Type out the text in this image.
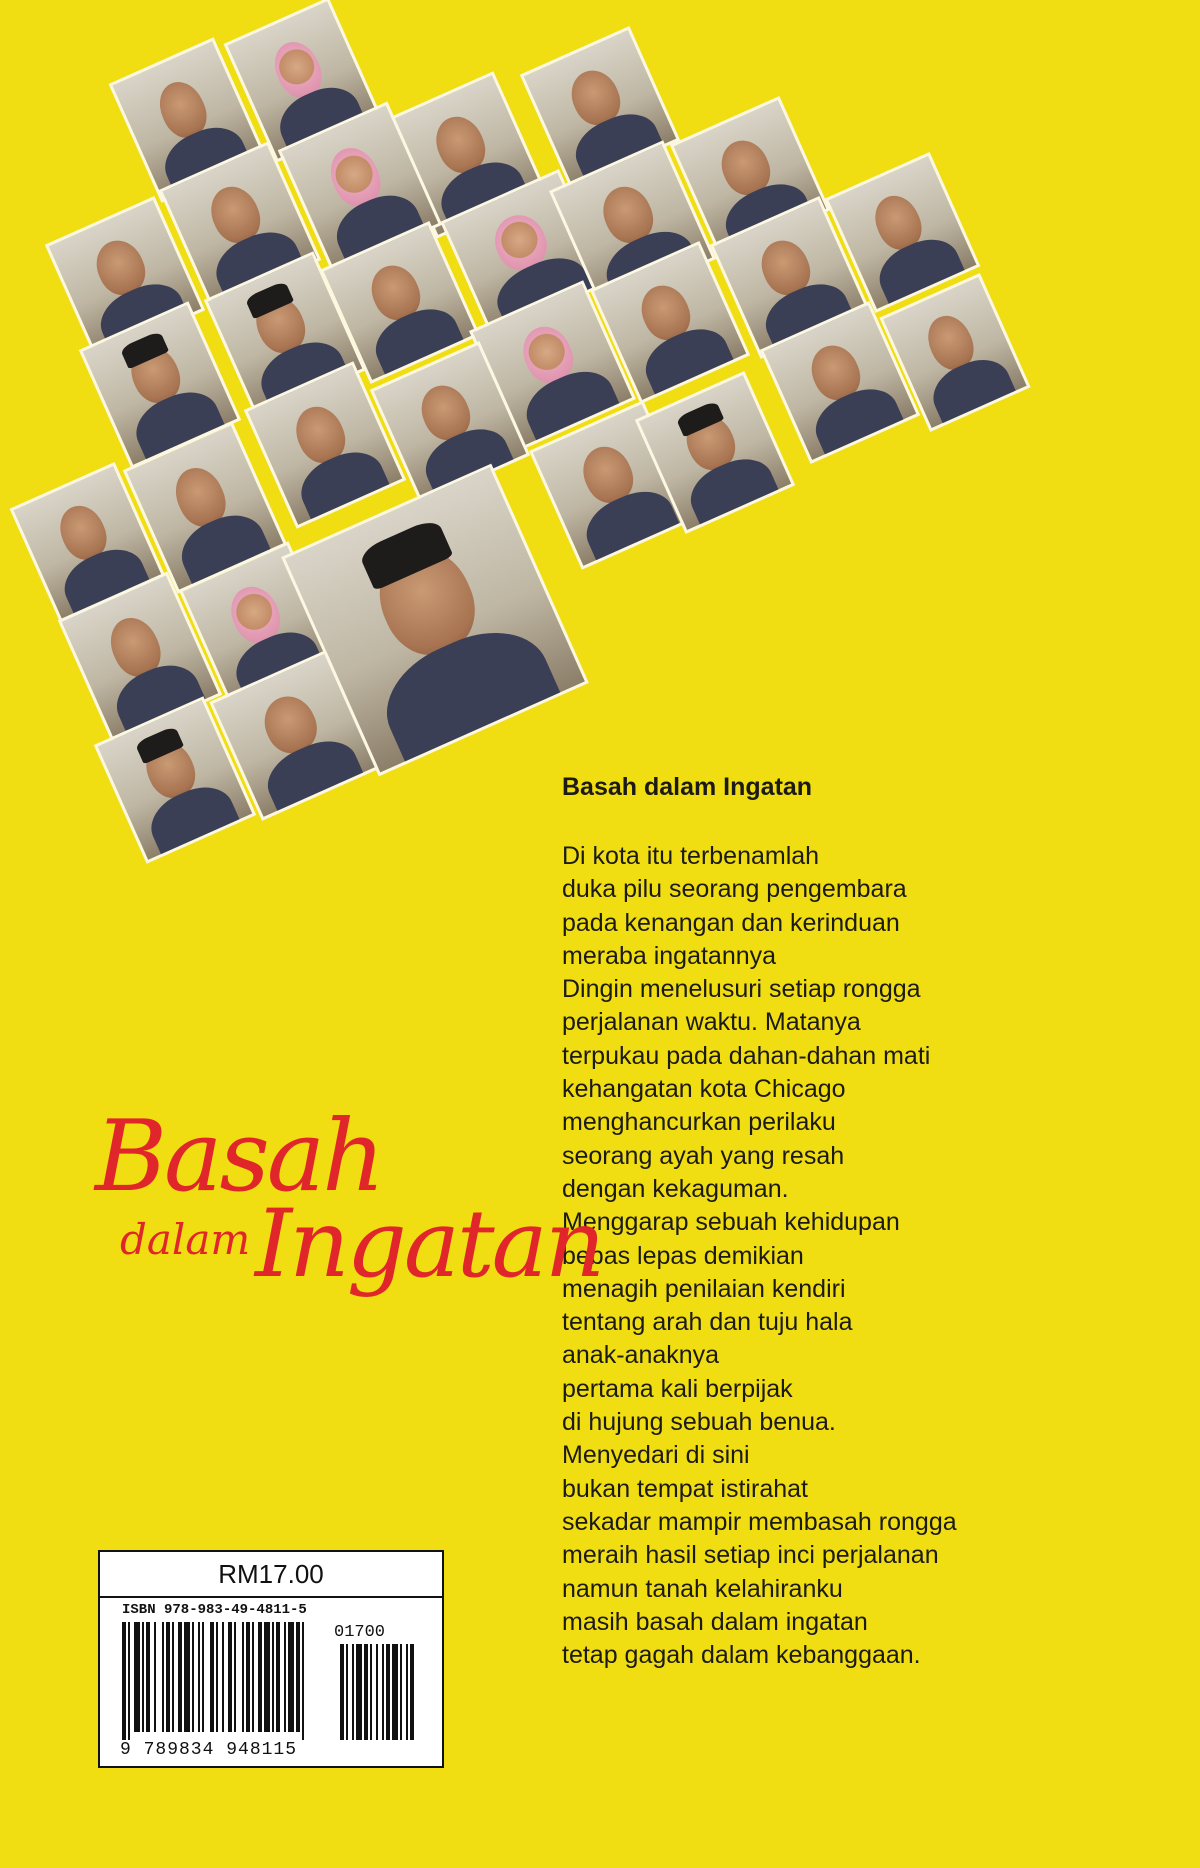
Basah dalam Ingatan
Di kota itu terbenamlah
duka pilu seorang pengembara
pada kenangan dan kerinduan
meraba ingatannya
Dingin menelusuri setiap rongga
perjalanan waktu. Matanya
terpukau pada dahan-dahan mati
kehangatan kota Chicago
menghancurkan perilaku
seorang ayah yang resah
dengan kekaguman.
Menggarap sebuah kehidupan
bebas lepas demikian
menagih penilaian kendiri
tentang arah dan tuju hala
anak-anaknya
pertama kali berpijak
di hujung sebuah benua.
Menyedari di sini
bukan tempat istirahat
sekadar mampir membasah rongga
meraih hasil setiap inci perjalanan
namun tanah kelahiranku
masih basah dalam ingatan
tetap gagah dalam kebanggaan.
Basah
dalam Ingatan
RM17.00
ISBN 978-983-49-4811-5
01700
9 789834 948115
